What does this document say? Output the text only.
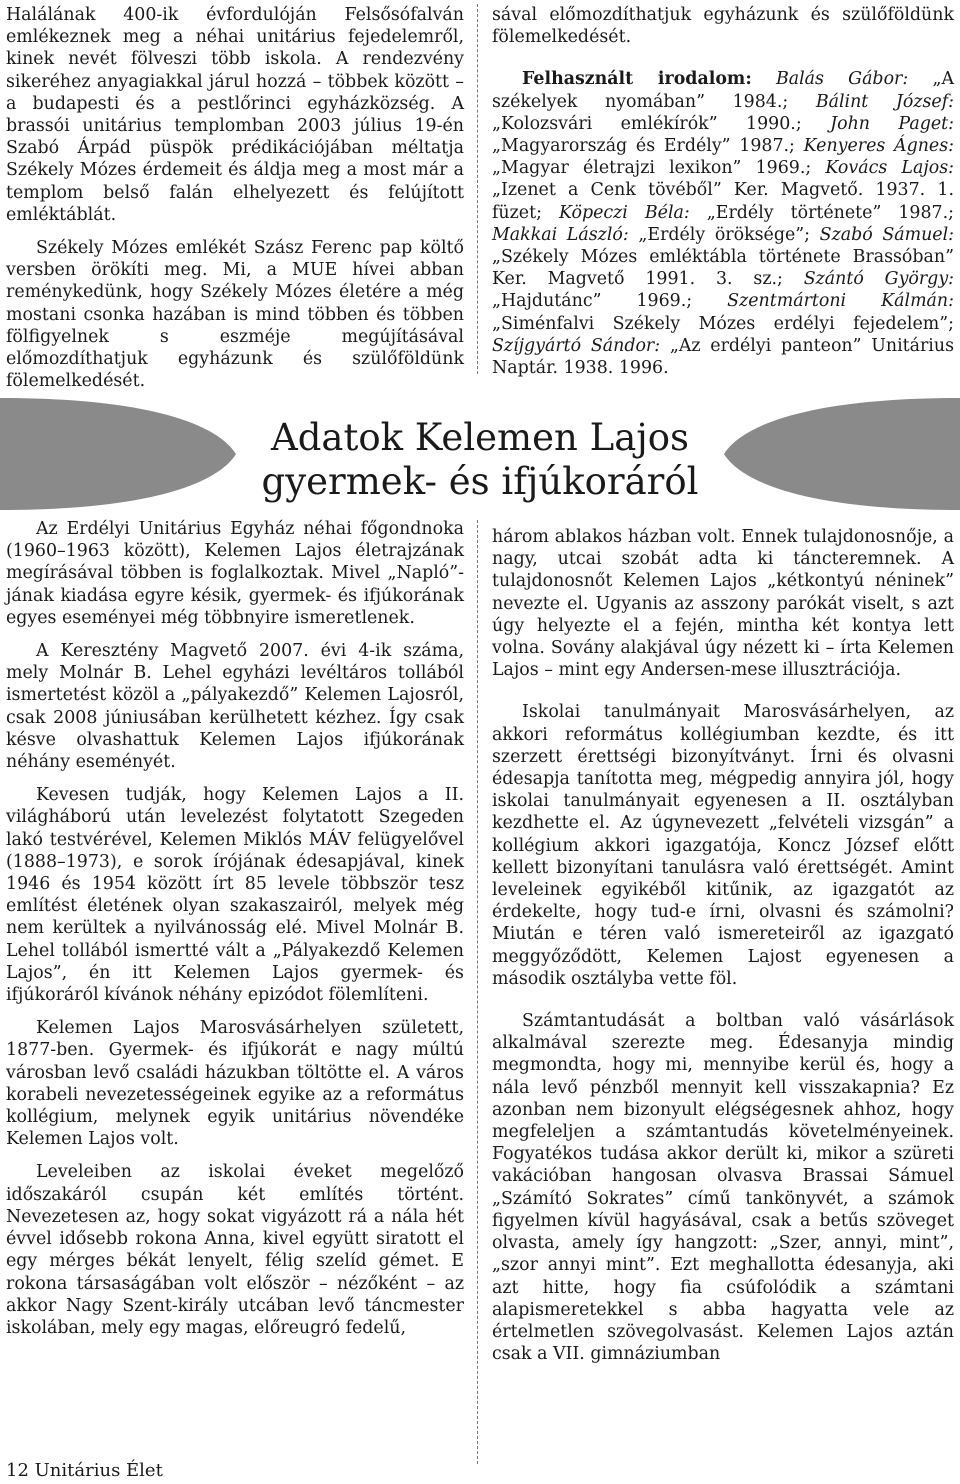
Halálának 400-ik évfordulóján Felsősófalván emlékeznek meg a néhai unitárius fejedelemről, kinek nevét fölveszi több iskola. A rendezvény sikeréhez anyagiakkal járul hozzá – többek között – a budapesti és a pestlőrinci egyházközség. A brassói unitárius templomban 2003 július 19-én Szabó Árpád püspök prédikációjában méltatja Székely Mózes érdemeit és áldja meg a most már a templom belső falán elhelyezett és felújított emléktáblát.

Székely Mózes emlékét Szász Ferenc pap költő versben örökíti meg. Mi, a MUE hívei abban reménykedünk, hogy Székely Mózes életére a még mostani csonka hazában is mind többen és többen fölfigyelnek s eszméje megújításával előmozdíthatjuk egyházunk és szülőföldünk fölemelkedését.

sával előmozdíthatjuk egyházunk és szülőföldünk fölemelkedését.

Felhasznált irodalom: Balás Gábor: „A székelyek nyomában” 1984.; Bálint József: „Kolozsvári emlékírók” 1990.; John Paget: „Magyarország és Erdély” 1987.; Kenyeres Ágnes: „Magyar életrajzi lexikon” 1969.; Kovács Lajos: „Izenet a Cenk tövéből” Ker. Magvető. 1937. 1. füzet; Köpeczi Béla: „Erdély története” 1987.; Makkai László: „Erdély öröksége”; Szabó Sámuel: „Székely Mózes emléktábla története Brassóban” Ker. Magvető 1991. 3. sz.; Szántó György: „Hajdutánc” 1969.; Szentmártoni Kálmán: „Siménfalvi Székely Mózes erdélyi fejedelem”; Szíjgyártó Sándor: „Az erdélyi panteon” Unitárius Naptár. 1938. 1996.

Adatok Kelemen Lajos
gyermek- és ifjúkoráról

Az Erdélyi Unitárius Egyház néhai főgondnoka (1960–1963 között), Kelemen Lajos életrajzának megírásával többen is foglalkoztak. Mivel „Napló”-jának kiadása egyre késik, gyermek- és ifjúkorának egyes eseményei még többnyire ismeretlenek.

A Keresztény Magvető 2007. évi 4-ik száma, mely Molnár B. Lehel egyházi levéltáros tollából ismertetést közöl a „pályakezdő” Kelemen Lajosról, csak 2008 júniusában kerülhetett kézhez. Így csak késve olvashattuk Kelemen Lajos ifjúkorának néhány eseményét.

Kevesen tudják, hogy Kelemen Lajos a II. világháború után levelezést folytatott Szegeden lakó testvérével, Kelemen Miklós MÁV felügyelővel (1888–1973), e sorok írójának édesapjával, kinek 1946 és 1954 között írt 85 levele többször tesz említést életének olyan szakaszairól, melyek még nem kerültek a nyilvánosság elé. Mivel Molnár B. Lehel tollából ismertté vált a „Pályakezdő Kelemen Lajos”, én itt Kelemen Lajos gyermek- és ifjúkoráról kívánok néhány epizódot fölemlíteni.

Kelemen Lajos Marosvásárhelyen született, 1877-ben. Gyermek- és ifjúkorát e nagy múltú városban levő családi házukban töltötte el. A város korabeli nevezetességeinek egyike az a református kollégium, melynek egyik unitárius növendéke Kelemen Lajos volt.

Leveleiben az iskolai éveket megelőző időszakáról csupán két említés történt. Nevezetesen az, hogy sokat vigyázott rá a nála hét évvel idősebb rokona Anna, kivel együtt siratott el egy mérges békát lenyelt, félig szelíd gémet. E rokona társaságában volt először – nézőként – az akkor Nagy Szent-király utcában levő táncmester iskolában, mely egy magas, előreugró fedelű,

három ablakos házban volt. Ennek tulajdonosnője, a nagy, utcai szobát adta ki táncteremnek. A tulajdonosnőt Kelemen Lajos „kétkontyú néninek” nevezte el. Ugyanis az asszony parókát viselt, s azt úgy helyezte el a fején, mintha két kontya lett volna. Sovány alakjával úgy nézett ki – írta Kelemen Lajos – mint egy Andersen-mese illusztrációja.

Iskolai tanulmányait Marosvásárhelyen, az akkori református kollégiumban kezdte, és itt szerzett érettségi bizonyítványt. Írni és olvasni édesapja tanította meg, mégpedig annyira jól, hogy iskolai tanulmányait egyenesen a II. osztályban kezdhette el. Az úgynevezett „felvételi vizsgán” a kollégium akkori igazgatója, Koncz József előtt kellett bizonyítani tanulásra való érettségét. Amint leveleinek egyikéből kitűnik, az igazgatót az érdekelte, hogy tud-e írni, olvasni és számolni? Miután e téren való ismereteiről az igazgató meggyőződött, Kelemen Lajost egyenesen a második osztályba vette föl.

Számtantudását a boltban való vásárlások alkalmával szerezte meg. Édesanyja mindig megmondta, hogy mi, mennyibe kerül és, hogy a nála levő pénzből mennyit kell visszakapnia? Ez azonban nem bizonyult elégségesnek ahhoz, hogy megfeleljen a számtantudás követelményeinek. Fogyatékos tudása akkor derült ki, mikor a szüreti vakációban hangosan olvasva Brassai Sámuel „Számító Sokrates” című tankönyvét, a számok figyelmen kívül hagyásával, csak a betűs szöveget olvasta, amely így hangzott: „Szer, annyi, mint”, „szor annyi mint”. Ezt meghallotta édesanyja, aki azt hitte, hogy fia csúfolódik a számtani alapismeretekkel s abba hagyatta vele az értelmetlen szövegolvasást. Kelemen Lajos aztán csak a VII. gimnáziumban

12 Unitárius Élet
